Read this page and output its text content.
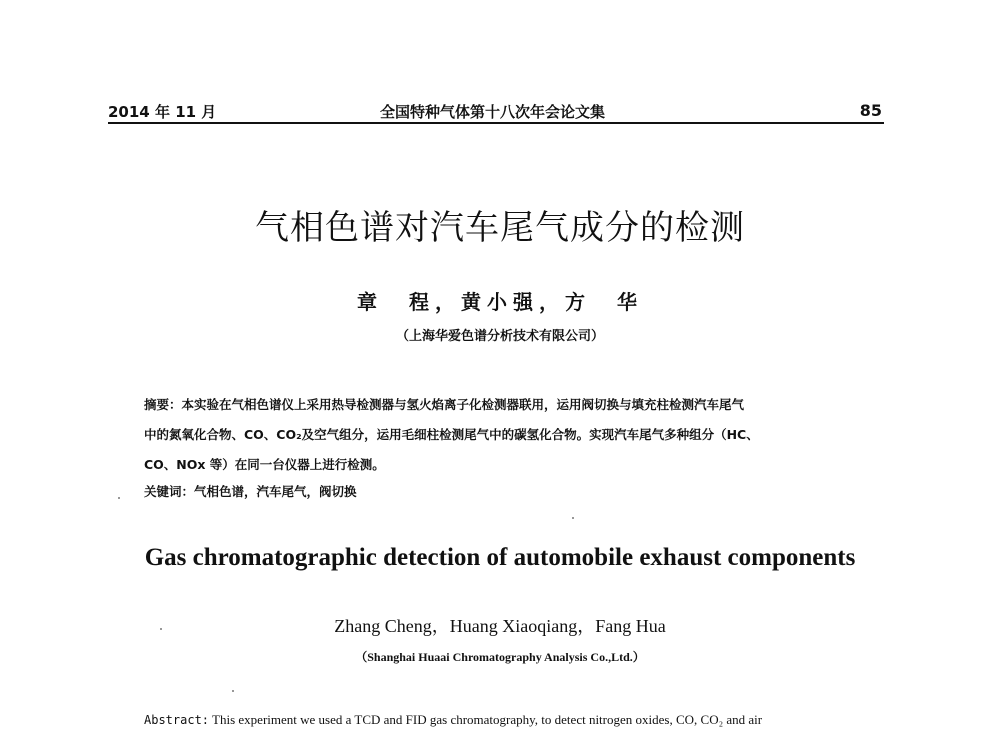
2014 年 11 月	全国特种气体第十八次年会论文集	85
气相色谱对汽车尾气成分的检测
章　程，黄小强，方　华
（上海华爱色谱分析技术有限公司）
摘要：本实验在气相色谱仪上采用热导检测器与氢火焰离子化检测器联用，运用阀切换与填充柱检测汽车尾气
中的氮氧化合物、CO、CO₂及空气组分，运用毛细柱检测尾气中的碳氢化合物。实现汽车尾气多种组分（HC、
CO、NOx 等）在同一台仪器上进行检测。
关键词：气相色谱，汽车尾气，阀切换
Gas chromatographic detection of automobile exhaust components
Zhang Cheng，Huang Xiaoqiang，Fang Hua
（Shanghai Huaai Chromatography Analysis Co.,Ltd.）
Abstract: This experiment we used a TCD and FID gas chromatography, to detect nitrogen oxides, CO, CO₂ and air
